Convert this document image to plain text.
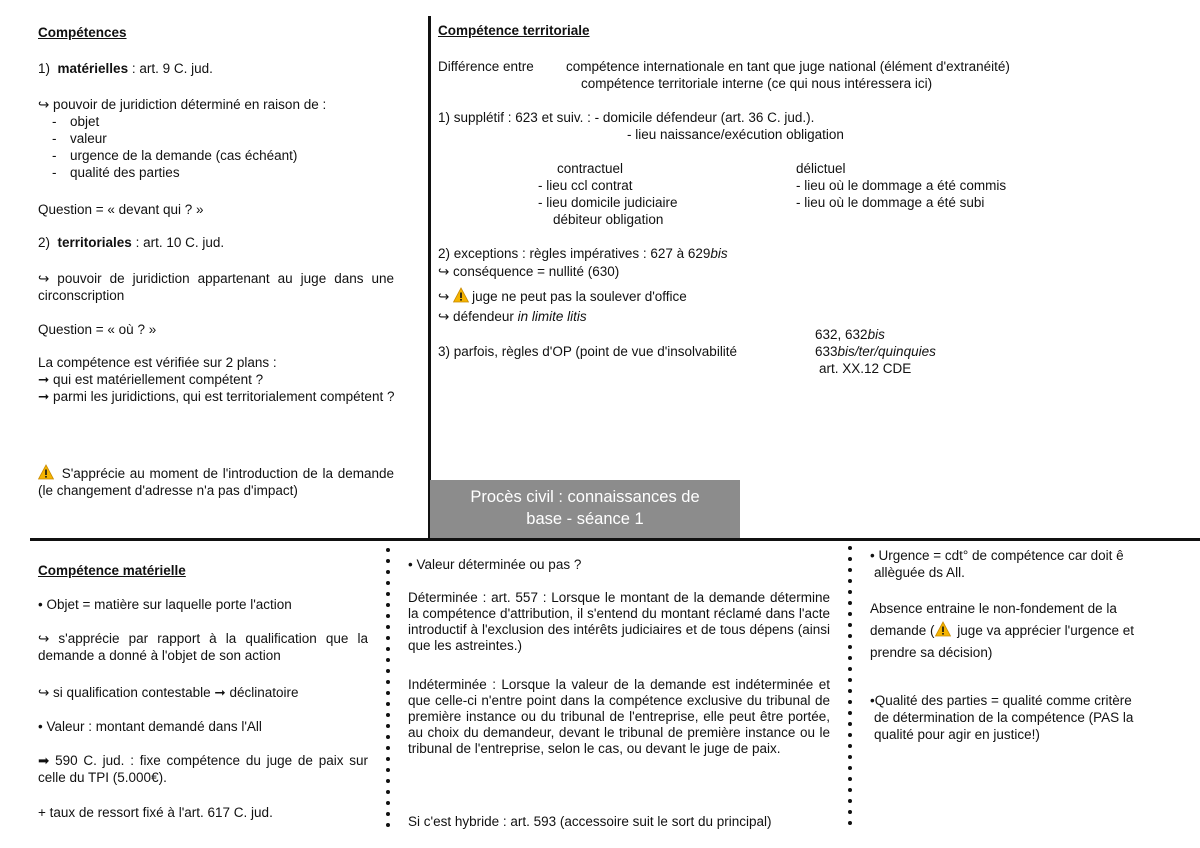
Procès civil : connaissances de
base - séance 1
Compétences
1) matérielles : art. 9 C. jud.
↪ pouvoir de juridiction déterminé en raison de :
- objet
- valeur
- urgence de la demande (cas échéant)
- qualité des parties
Question = « devant qui ? »
2) territoriales : art. 10 C. jud.
↪ pouvoir de juridiction appartenant au juge dans une circonscription
Question = « où ? »
La compétence est vérifiée sur 2 plans :
➞ qui est matériellement compétent ?
➞ parmi les juridictions, qui est territorialement compétent ?
S'apprécie au moment de l'introduction de la demande (le changement d'adresse n'a pas d'impact)
Compétence territoriale
Différence entre compétence internationale en tant que juge national (élément d'extranéité)
compétence territoriale interne (ce qui nous intéressera ici)
1) supplétif : 623 et suiv. : - domicile défendeur (art. 36 C. jud.).
- lieu naissance/exécution obligation
contractuel
- lieu ccl contrat
- lieu domicile judiciaire
débiteur obligation
délictuel
- lieu où le dommage a été commis
- lieu où le dommage a été subi
2) exceptions : règles impératives : 627 à 629bis
↪ conséquence = nullité (630)
↪ juge ne peut pas la soulever d'office
↪ défendeur in limite litis
632, 632bis
3) parfois, règles d'OP (point de vue d'insolvabilité	633bis/ter/quinquies
art. XX.12 CDE
Compétence matérielle
• Objet = matière sur laquelle porte l'action
↪ s'apprécie par rapport à la qualification que la demande a donné à l'objet de son action
↪ si qualification contestable ➞ déclinatoire
• Valeur : montant demandé dans l'All
➡ 590 C. jud. : fixe compétence du juge de paix sur celle du TPI (5.000€).
+ taux de ressort fixé à l'art. 617 C. jud.
• Valeur déterminée ou pas ?
Déterminée : art. 557 : Lorsque le montant de la demande détermine la compétence d'attribution, il s'entend du montant réclamé dans l'acte introductif à l'exclusion des intérêts judiciaires et de tous dépens (ainsi que les astreintes.)
Indéterminée : Lorsque la valeur de la demande est indéterminée et que celle-ci n'entre point dans la compétence exclusive du tribunal de première instance ou du tribunal de l'entreprise, elle peut être portée, au choix du demandeur, devant le tribunal de première instance ou le tribunal de l'entreprise, selon le cas, ou devant le juge de paix.
Si c'est hybride : art. 593 (accessoire suit le sort du principal)
• Urgence = cdt° de compétence car doit ê
allèguée ds All.
Absence entraine le non-fondement de la
demande ( juge va apprécier l'urgence et
prendre sa décision)
•Qualité des parties = qualité comme critère
de détermination de la compétence (PAS la
qualité pour agir en justice!)
